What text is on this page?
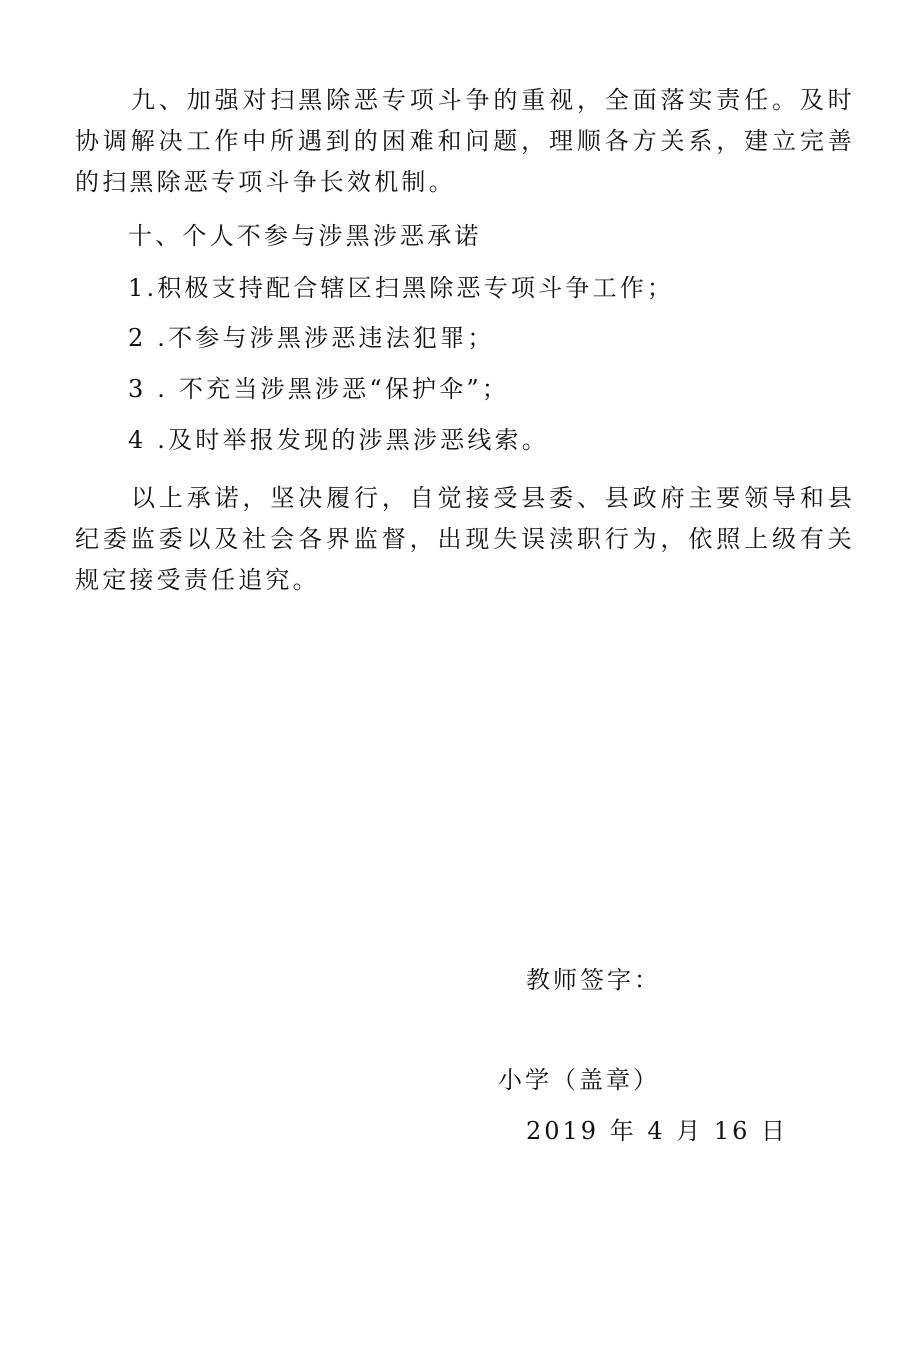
九、加强对扫黑除恶专项斗争的重视，全面落实责任。及时协调解决工作中所遇到的困难和问题，理顺各方关系，建立完善的扫黑除恶专项斗争长效机制。

十、个人不参与涉黑涉恶承诺

1.积极支持配合辖区扫黑除恶专项斗争工作；

2 .不参与涉黑涉恶违法犯罪；

3 . 不充当涉黑涉恶“保护伞”；

4 .及时举报发现的涉黑涉恶线索。

以上承诺，坚决履行，自觉接受县委、县政府主要领导和县纪委监委以及社会各界监督，出现失误渎职行为，依照上级有关规定接受责任追究。

教师签字：

小学（盖章）

2019 年 4 月 16 日
